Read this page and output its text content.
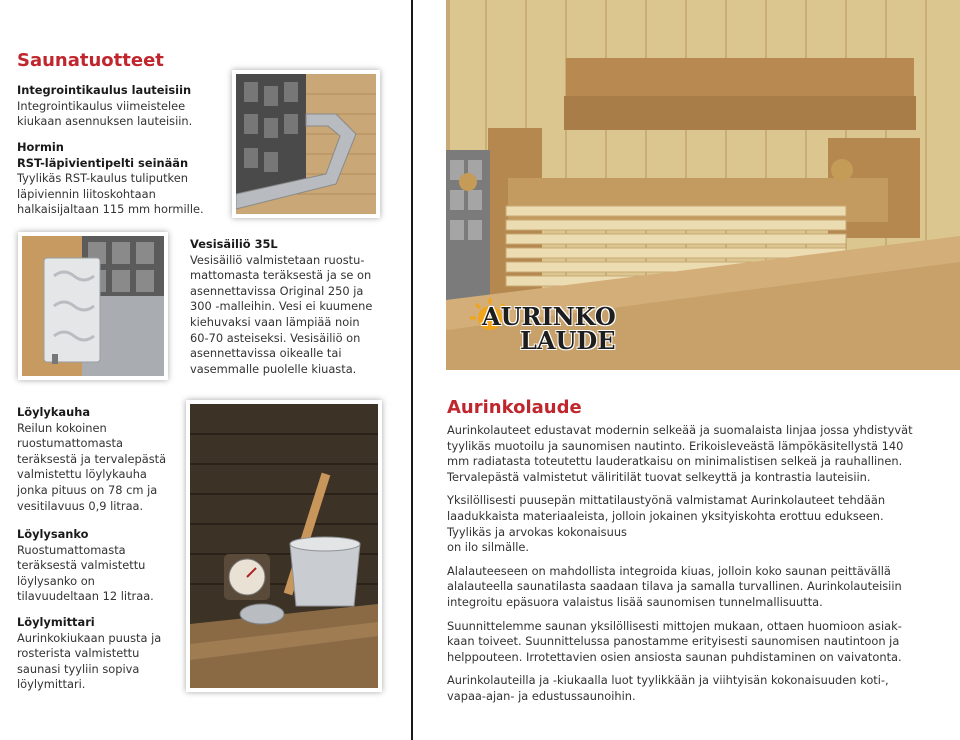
Saunatuotteet
Integrointikaulus lauteisiin
Integrointikaulus viimeistelee
kiukaan asennuksen lauteisiin.
Hormin
RST-läpivientipelti seinään
Tyylikäs RST-kaulus tuliputken
läpiviennin liitoskohtaan
halkaisijaltaan 115 mm hormille.
Vesisäiliö 35L
Vesisäiliö valmistetaan ruostu-
mattomasta teräksestä ja se on
asennettavissa Original 250 ja
300 -malleihin. Vesi ei kuumene
kiehuvaksi vaan lämpiää noin
60-70 asteiseksi. Vesisäiliö on
asennettavissa oikealle tai
vasemmalle puolelle kiuasta.
Löylykauha
Reilun kokoinen
ruostumattomasta
teräksestä ja tervalepästä
valmistettu löylykauha
jonka pituus on 78 cm ja
vesitilavuus 0,9 litraa.
Löylysanko
Ruostumattomasta
teräksestä valmistettu
löylysanko on
tilavuudeltaan 12 litraa.
Löylymittari
Aurinkokiukaan puusta ja
rosterista valmistettu
saunasi tyyliin sopiva
löylymittari.
AURINKO
LAUDE
Aurinkolaude

Aurinkolauteet edustavat modernin selkeää ja suomalaista linjaa jossa yhdistyvät
tyylikäs muotoilu ja saunomisen nautinto. Erikoisleveästä lämpökäsitellystä 140
mm radiatasta toteutettu lauderatkaisu on minimalistisen selkeä ja rauhallinen.
Tervalepästä valmistetut väliritilät tuovat selkeyttä ja kontrastia lauteisiin.

Yksilöllisesti puusepän mittatilaustyönä valmistamat Aurinkolauteet tehdään
laadukkaista materiaaleista, jolloin jokainen yksityiskohta erottuu edukseen.
Tyylikäs ja arvokas kokonaisuus
on ilo silmälle.

Alalauteeseen on mahdollista integroida kiuas, jolloin koko saunan peittävällä
alalauteella saunatilasta saadaan tilava ja samalla turvallinen. Aurinkolauteisiin
integroitu epäsuora valaistus lisää saunomisen tunnelmallisuutta.

Suunnittelemme saunan yksilöllisesti mittojen mukaan, ottaen huomioon asiak-
kaan toiveet. Suunnittelussa panostamme erityisesti saunomisen nautintoon ja
helppouteen. Irrotettavien osien ansiosta saunan puhdistaminen on vaivatonta.

Aurinkolauteilla ja -kiukaalla luot tyylikkään ja viihtyisän kokonaisuuden koti-,
vapaa-ajan- ja edustussaunoihin.
